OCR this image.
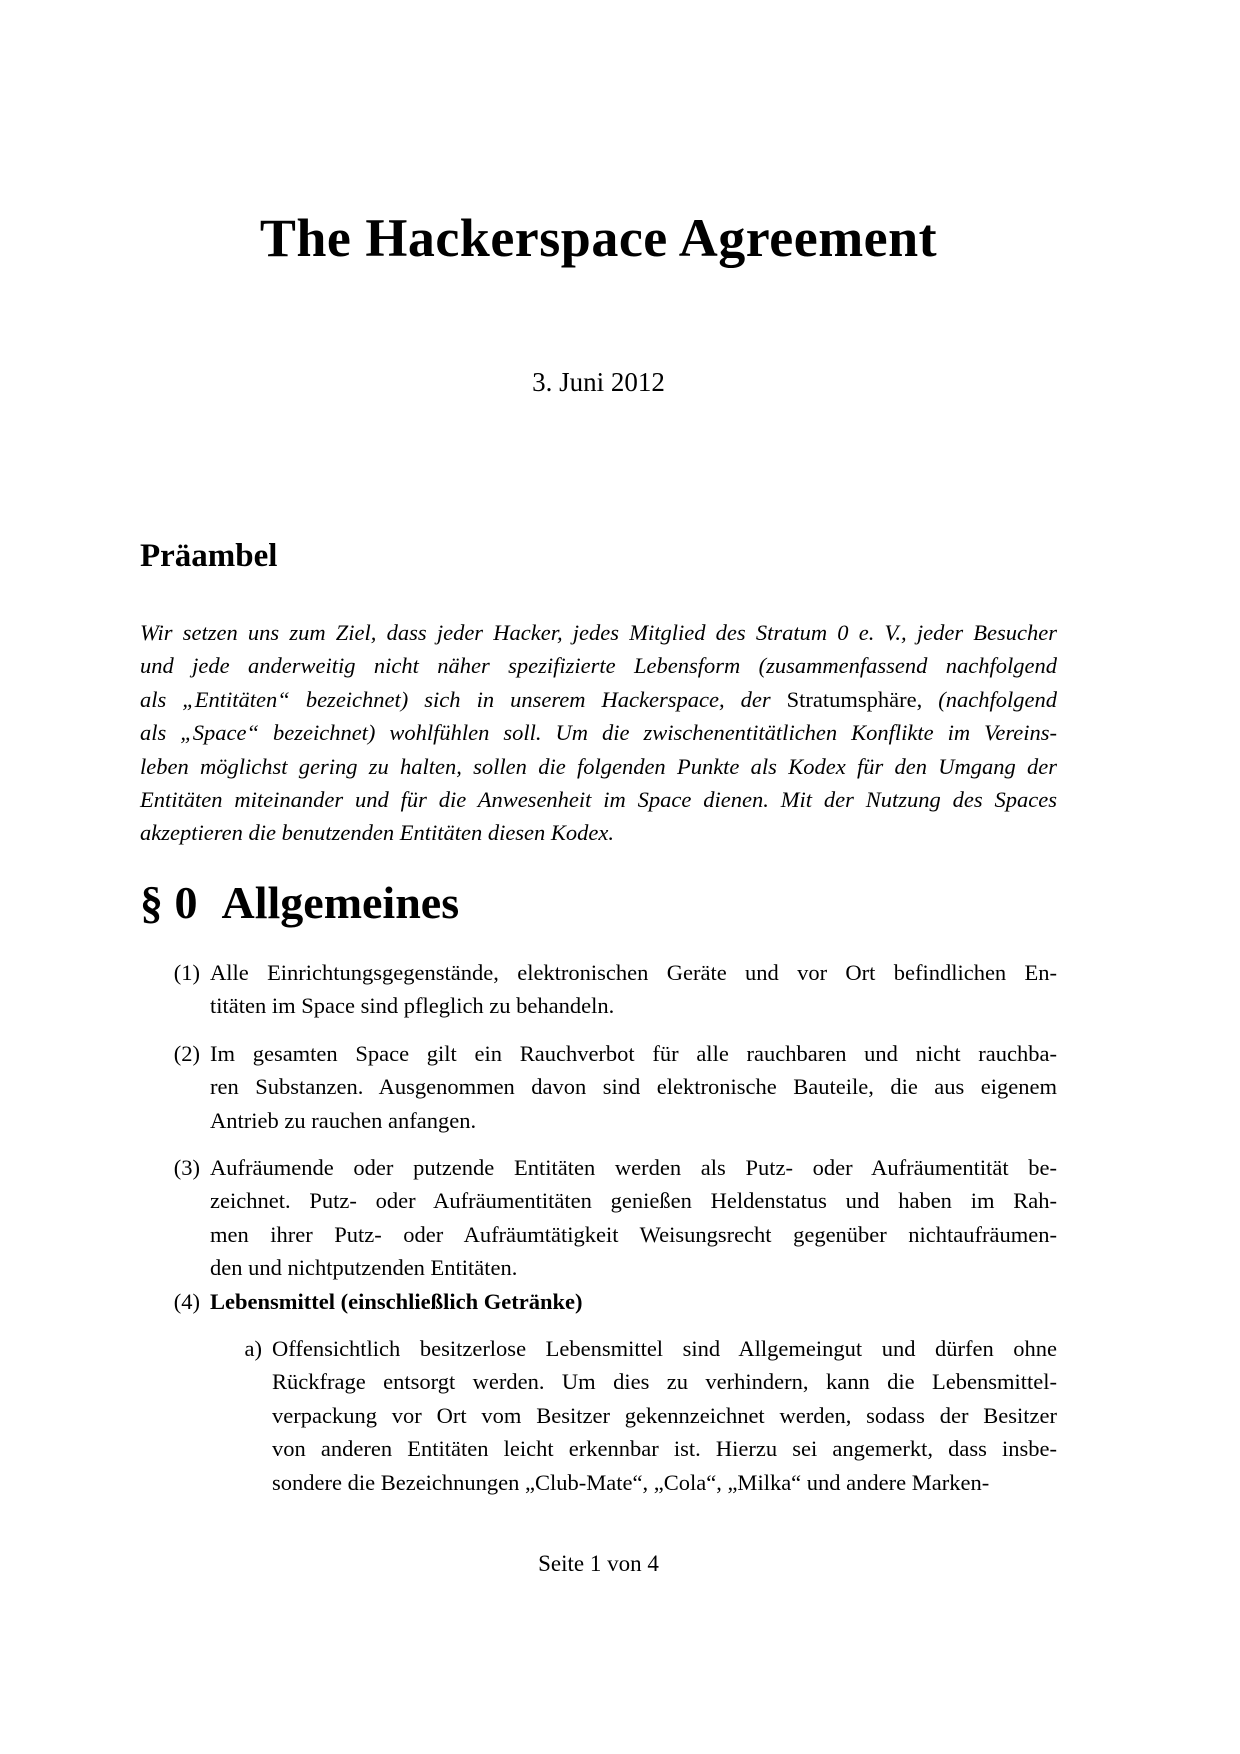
The Hackerspace Agreement
3. Juni 2012
Präambel
Wir setzen uns zum Ziel, dass jeder Hacker, jedes Mitglied des Stratum 0 e. V., jeder Besucher
und jede anderweitig nicht näher spezifizierte Lebensform (zusammenfassend nachfolgend
als „Entitäten“ bezeichnet) sich in unserem Hackerspace, der Stratumsphäre, (nachfolgend
als „Space“ bezeichnet) wohlfühlen soll. Um die zwischenentitätlichen Konflikte im Vereins-
leben möglichst gering zu halten, sollen die folgenden Punkte als Kodex für den Umgang der
Entitäten miteinander und für die Anwesenheit im Space dienen. Mit der Nutzung des Spaces
akzeptieren die benutzenden Entitäten diesen Kodex.
§ 0 Allgemeines
(1) Alle Einrichtungsgegenstände, elektronischen Geräte und vor Ort befindlichen En-
titäten im Space sind pfleglich zu behandeln.
(2) Im gesamten Space gilt ein Rauchverbot für alle rauchbaren und nicht rauchba-
ren Substanzen. Ausgenommen davon sind elektronische Bauteile, die aus eigenem
Antrieb zu rauchen anfangen.
(3) Aufräumende oder putzende Entitäten werden als Putz- oder Aufräumentität be-
zeichnet. Putz- oder Aufräumentitäten genießen Heldenstatus und haben im Rah-
men ihrer Putz- oder Aufräumtätigkeit Weisungsrecht gegenüber nichtaufräumen-
den und nichtputzenden Entitäten.
(4) Lebensmittel (einschließlich Getränke)
a) Offensichtlich besitzerlose Lebensmittel sind Allgemeingut und dürfen ohne
Rückfrage entsorgt werden. Um dies zu verhindern, kann die Lebensmittel-
verpackung vor Ort vom Besitzer gekennzeichnet werden, sodass der Besitzer
von anderen Entitäten leicht erkennbar ist. Hierzu sei angemerkt, dass insbe-
sondere die Bezeichnungen „Club-Mate“, „Cola“, „Milka“ und andere Marken-
Seite 1 von 4
